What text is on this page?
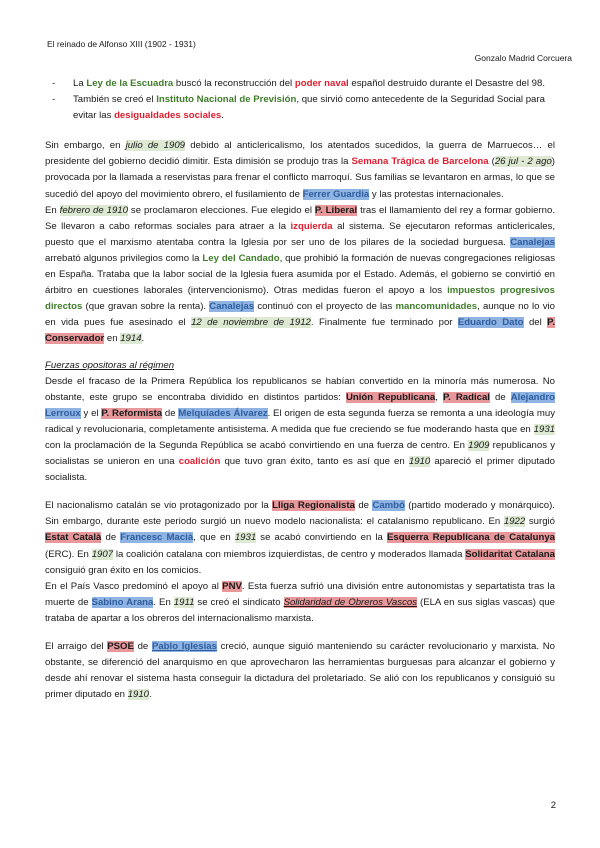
El reinado de Alfonso XIII (1902 - 1931)
Gonzalo Madrid Corcuera
- La Ley de la Escuadra buscó la reconstrucción del poder naval español destruido durante el Desastre del 98.
- También se creó el Instituto Nacional de Previsión, que sirvió como antecedente de la Seguridad Social para evitar las desigualdades sociales.

Sin embargo, en julio de 1909 debido al anticlericalismo, los atentados sucedidos, la guerra de Marruecos… el presidente del gobierno decidió dimitir. Esta dimisión se produjo tras la Semana Trágica de Barcelona (26 jul - 2 ago) provocada por la llamada a reservistas para frenar el conflicto marroquí. Sus familias se levantaron en armas, lo que se sucedió del apoyo del movimiento obrero, el fusilamiento de Ferrer Guardia y las protestas internacionales.

En febrero de 1910 se proclamaron elecciones. Fue elegido el P. Liberal tras el llamamiento del rey a formar gobierno. Se llevaron a cabo reformas sociales para atraer a la izquierda al sistema. Se ejecutaron reformas anticlericales, puesto que el marxismo atentaba contra la Iglesia por ser uno de los pilares de la sociedad burguesa. Canalejas arrebató algunos privilegios como la Ley del Candado, que prohibió la formación de nuevas congregaciones religiosas en España. Trataba que la labor social de la Iglesia fuera asumida por el Estado. Además, el gobierno se convirtió en árbitro en cuestiones laborales (intervencionismo). Otras medidas fueron el apoyo a los impuestos progresivos directos (que gravan sobre la renta). Canalejas continuó con el proyecto de las mancomunidades, aunque no lo vio en vida pues fue asesinado el 12 de noviembre de 1912. Finalmente fue terminado por Eduardo Dato del P. Conservador en 1914.

Fuerzas opositoras al régimen

Desde el fracaso de la Primera República los republicanos se habían convertido en la minoría más numerosa. No obstante, este grupo se encontraba dividido en distintos partidos: Unión Republicana, P. Radical de Alejandro Lerroux y el P. Reformista de Melquíades Álvarez. El origen de esta segunda fuerza se remonta a una ideología muy radical y revolucionaria, completamente antisistema. A medida que fue creciendo se fue moderando hasta que en 1931 con la proclamación de la Segunda República se acabó convirtiendo en una fuerza de centro. En 1909 republicanos y socialistas se unieron en una coalición que tuvo gran éxito, tanto es así que en 1910 apareció el primer diputado socialista.

El nacionalismo catalán se vio protagonizado por la Lliga Regionalista de Cambó (partido moderado y monárquico). Sin embargo, durante este periodo surgió un nuevo modelo nacionalista: el catalanismo republicano. En 1922 surgió Estat Català de Francesc Macià, que en 1931 se acabó convirtiendo en la Esquerra Republicana de Catalunya (ERC). En 1907 la coalición catalana con miembros izquierdistas, de centro y moderados llamada Solidaritat Catalana consiguió gran éxito en los comicios.

En el País Vasco predominó el apoyo al PNV. Esta fuerza sufrió una división entre autonomistas y separtatista tras la muerte de Sabino Arana. En 1911 se creó el sindicato Solidaridad de Obreros Vascos (ELA en sus siglas vascas) que trataba de apartar a los obreros del internacionalismo marxista.

El arraigo del PSOE de Pablo Iglesias creció, aunque siguió manteniendo su carácter revolucionario y marxista. No obstante, se diferenció del anarquismo en que aprovecharon las herramientas burguesas para alcanzar el gobierno y desde ahí renovar el sistema hasta conseguir la dictadura del proletariado. Se alió con los republicanos y consiguió su primer diputado en 1910.

2
